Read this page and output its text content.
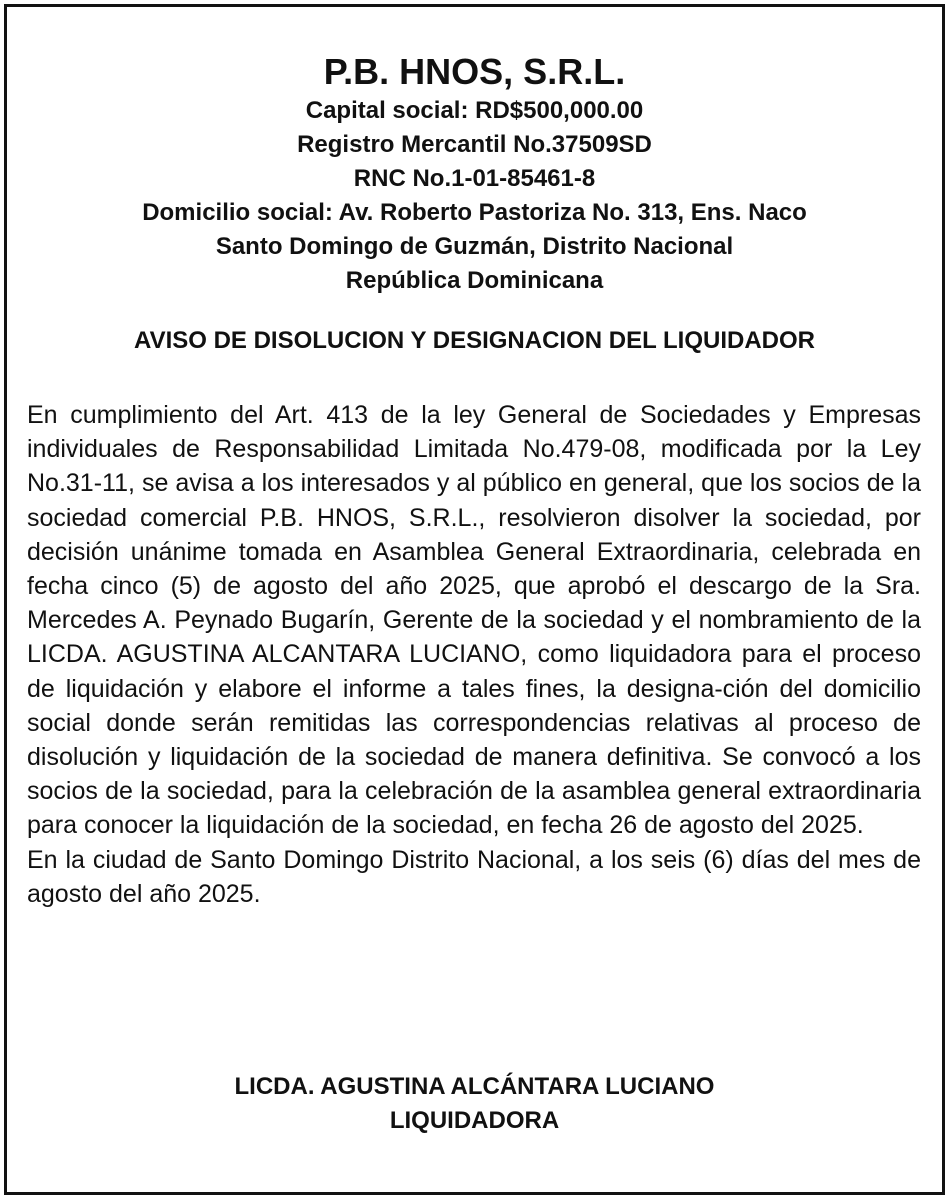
P.B. HNOS, S.R.L.

Capital social: RD$500,000.00

Registro Mercantil No.37509SD

RNC No.1-01-85461-8

Domicilio social: Av. Roberto Pastoriza No. 313, Ens. Naco

Santo Domingo de Guzmán, Distrito Nacional

República Dominicana

AVISO DE DISOLUCION Y DESIGNACION DEL LIQUIDADOR

En cumplimiento del Art. 413 de la ley General de Sociedades y Empresas individuales de Responsabilidad Limitada No.479-08, modificada por la Ley No.31-11, se avisa a los interesados y al público en general, que los socios de la sociedad comercial P.B. HNOS, S.R.L., resolvieron disolver la sociedad, por decisión unánime tomada en Asamblea General Extraordinaria, celebrada en fecha cinco (5) de agosto del año 2025, que aprobó el descargo de la Sra. Mercedes A. Peynado Bugarín, Gerente de la sociedad y el nombramiento de la LICDA. AGUSTINA ALCANTARA LUCIANO, como liquidadora para el proceso de liquidación y elabore el informe a tales fines, la designa-ción del domicilio social donde serán remitidas las correspondencias relativas al proceso de disolución y liquidación de la sociedad de manera definitiva. Se convocó a los socios de la sociedad, para la celebración de la asamblea general extraordinaria para conocer la liquidación de la sociedad, en fecha 26 de agosto del 2025.

En la ciudad de Santo Domingo Distrito Nacional, a los seis (6) días del mes de agosto del año 2025.

LICDA. AGUSTINA ALCÁNTARA LUCIANO

LIQUIDADORA
